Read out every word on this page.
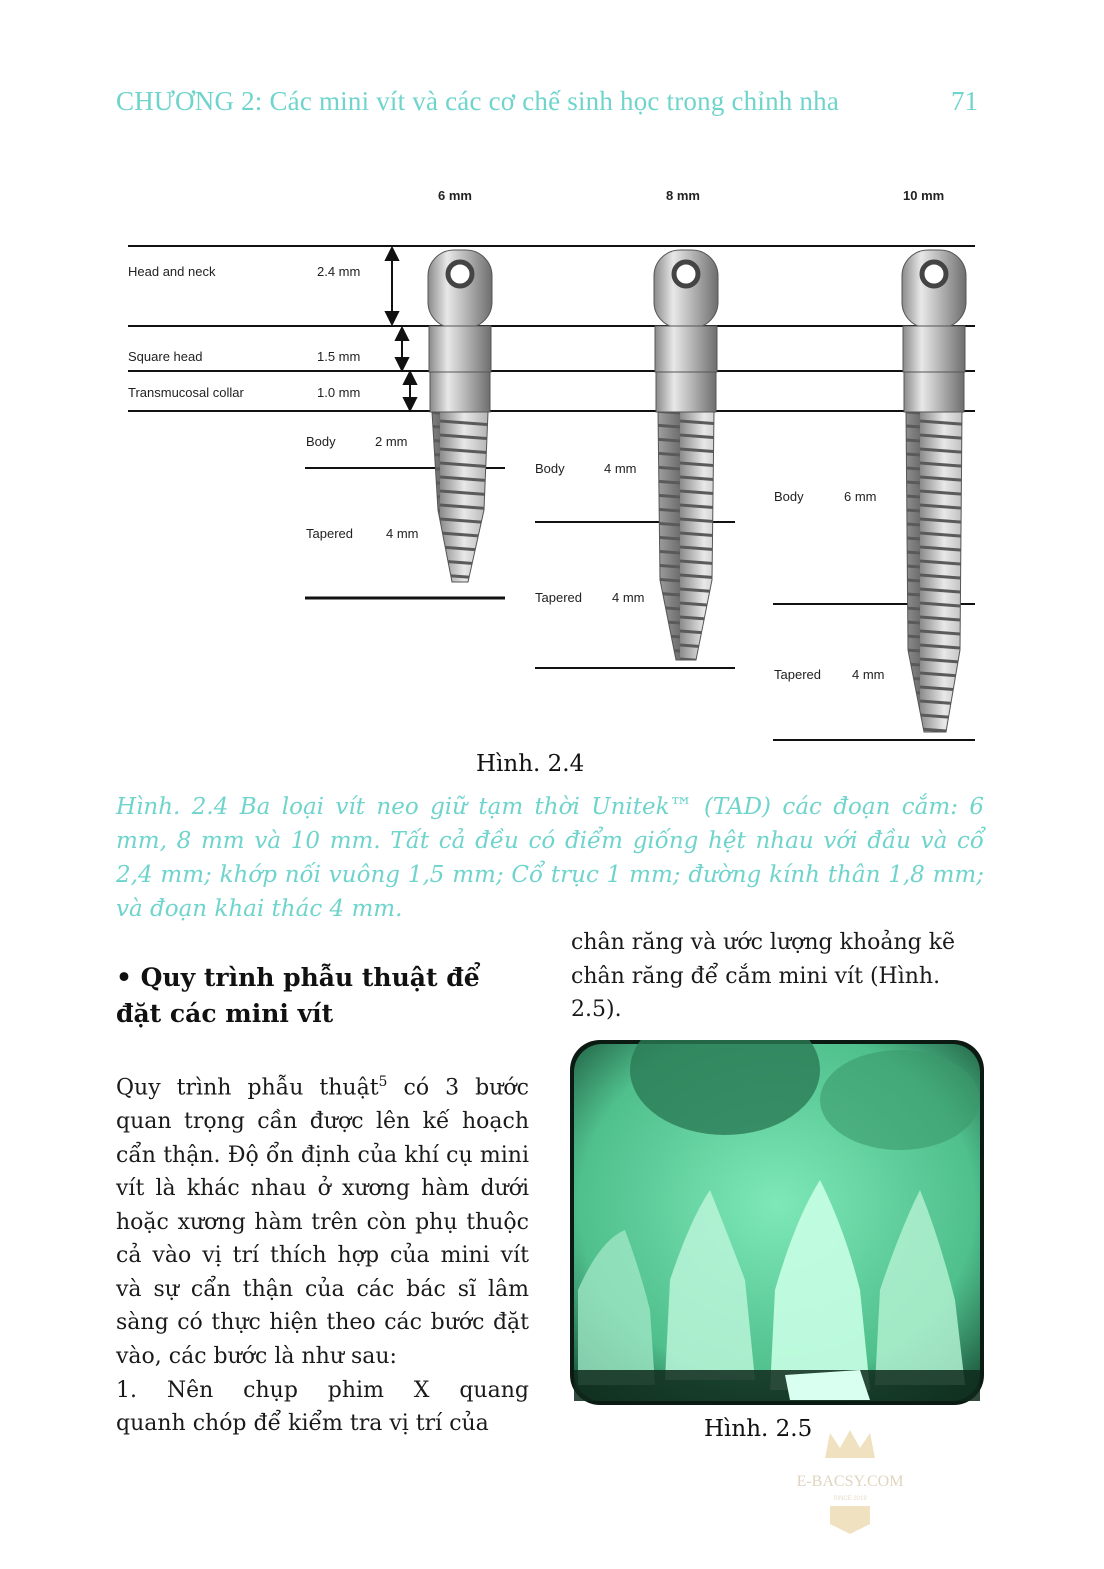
CHƯƠNG 2: Các mini vít và các cơ chế sinh học trong chỉnh nha	71
6 mm	8 mm	10 mm
Head and neck	2.4 mm
Square head	1.5 mm
Transmucosal collar	1.0 mm
Body	2 mm
Tapered	4 mm
Body	4 mm
Tapered 4 mm
Body	6 mm
Tapered 4 mm
Hình. 2.4
Hình. 2.4 Ba loại vít neo giữ tạm thời Unitek™ (TAD) các đoạn cắm: 6 mm, 8 mm và 10 mm. Tất cả đều có điểm giống hệt nhau với đầu và cổ 2,4 mm; khớp nối vuông 1,5 mm; Cổ trục 1 mm; đường kính thân 1,8 mm; và đoạn khai thác 4 mm.
• Quy trình phẫu thuật để đặt các mini vít

Quy trình phẫu thuật$^5$ có 3 bước quan trọng cần được lên kế hoạch cẩn thận. Độ ổn định của khí cụ mini vít là khác nhau ở xương hàm dưới hoặc xương hàm trên còn phụ thuộc cả vào vị trí thích hợp của mini vít và sự cẩn thận của các bác sĩ lâm sàng có thực hiện theo các bước đặt vào, các bước là như sau:

1. Nên chụp phim X quang

quanh chóp để kiểm tra vị trí của

chân răng và ước lượng khoảng kẽ chân răng để cắm mini vít (Hình. 2.5).

Hình. 2.5
E-BACSY.COM
SINCE 2019
